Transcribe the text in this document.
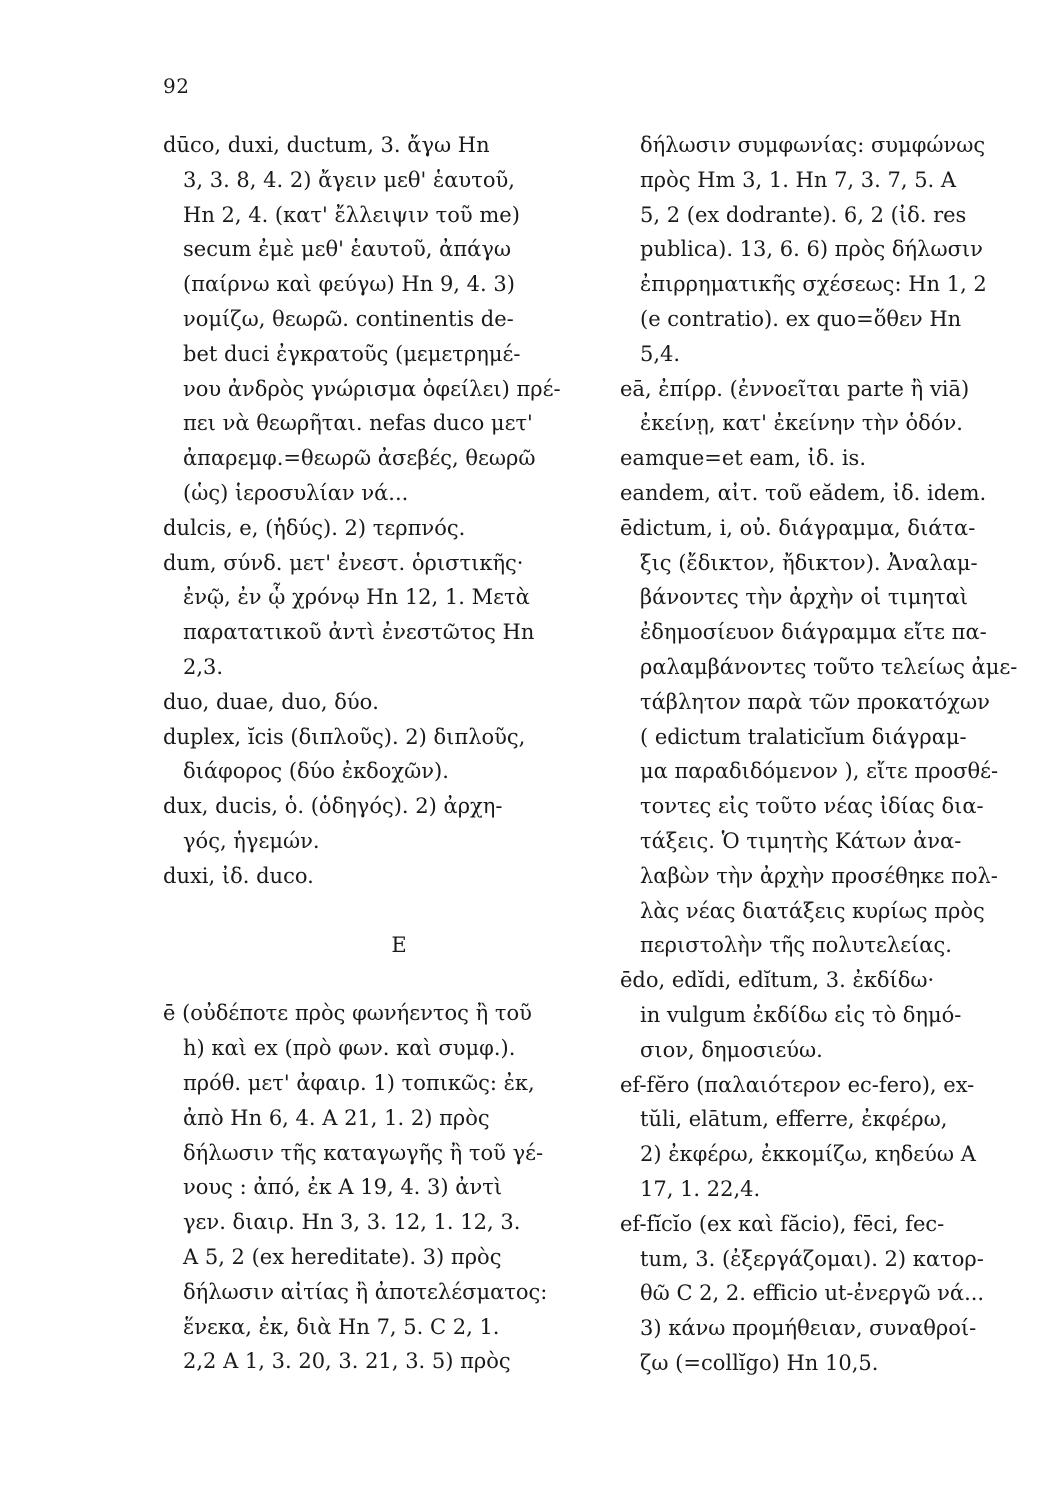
92
dūco, duxi, ductum, 3. ἄγω Hn
3, 3. 8, 4. 2) ἄγειν μεθ' ἑαυτοῦ,
Hn 2, 4. (κατ' ἔλλειψιν τοῦ me)
secum ἐμὲ μεθ' ἑαυτοῦ, ἀπάγω
(παίρνω καὶ φεύγω) Hn 9, 4. 3)
νομίζω, θεωρῶ. continentis de-
bet duci ἐγκρατοῦς (μεμετρημέ-
νου ἀνδρὸς γνώρισμα ὀφείλει) πρέ-
πει νὰ θεωρῆται. nefas duco μετ'
ἀπαρεμφ.=θεωρῶ ἀσεβές, θεωρῶ
(ὡς) ἱεροσυλίαν νά...
dulcis, e, (ἡδύς). 2) τερπνός.
dum, σύνδ. μετ' ἐνεστ. ὁριστικῆς·
ἐνῷ, ἐν ᾧ χρόνῳ Hn 12, 1. Μετὰ
παρατατικοῦ ἀντὶ ἐνεστῶτος Hn
2,3.
duo, duae, duo, δύο.
duplex, ĭcis (διπλοῦς). 2) διπλοῦς,
διάφορος (δύο ἐκδοχῶν).
dux, ducis, ὁ. (ὁδηγός). 2) ἀρχη-
γός, ἡγεμών.
duxi, ἰδ. duco.
E
ē (οὐδέποτε πρὸς φωνήεντος ἢ τοῦ
h) καὶ ex (πρὸ φων. καὶ συμφ.).
πρόθ. μετ' ἀφαιρ. 1) τοπικῶς: ἐκ,
ἀπὸ Hn 6, 4. A 21, 1. 2) πρὸς
δήλωσιν τῆς καταγωγῆς ἢ τοῦ γέ-
νους : ἀπό, ἐκ A 19, 4. 3) ἀντὶ
γεν. διαιρ. Hn 3, 3. 12, 1. 12, 3.
A 5, 2 (ex hereditate). 3) πρὸς
δήλωσιν αἰτίας ἢ ἀποτελέσματος:
ἕνεκα, ἐκ, διὰ Hn 7, 5. C 2, 1.
2,2 A 1, 3. 20, 3. 21, 3. 5) πρὸς
δήλωσιν συμφωνίας: συμφώνως
πρὸς Hm 3, 1. Hn 7, 3. 7, 5. A
5, 2 (ex dodrante). 6, 2 (ἰδ. res
publica). 13, 6. 6) πρὸς δήλωσιν
ἐπιρρηματικῆς σχέσεως: Hn 1, 2
(e contratio). ex quo=ὅθεν Hn
5,4.
eā, ἐπίρρ. (ἐννοεῖται parte ἢ viā)
ἐκείνῃ, κατ' ἐκείνην τὴν ὁδόν.
eamque=et eam, ἰδ. is.
eandem, αἰτ. τοῦ eădem, ἰδ. idem.
ēdictum, i, οὐ. διάγραμμα, διάτα-
ξις (ἔδικτον, ἤδικτον). Ἀναλαμ-
βάνοντες τὴν ἀρχὴν οἱ τιμηταὶ
ἐδημοσίευον διάγραμμα εἴτε πα-
ραλαμβάνοντες τοῦτο τελείως ἀμε-
τάβλητον παρὰ τῶν προκατόχων
( edictum tralaticĭum διάγραμ-
μα παραδιδόμενον ), εἴτε προσθέ-
τοντες εἰς τοῦτο νέας ἰδίας δια-
τάξεις. Ὁ τιμητὴς Κάτων ἀνα-
λαβὼν τὴν ἀρχὴν προσέθηκε πολ-
λὰς νέας διατάξεις κυρίως πρὸς
περιστολὴν τῆς πολυτελείας.
ēdo, edĭdi, edĭtum, 3. ἐκδίδω·
in vulgum ἐκδίδω εἰς τὸ δημό-
σιον, δημοσιεύω.
ef-fĕro (παλαιότερον ec-fero), ex-
tŭli, elātum, efferre, ἐκφέρω,
2) ἐκφέρω, ἐκκομίζω, κηδεύω A
17, 1. 22,4.
ef-fĭcĭo (ex καὶ făcio), fēci, fec-
tum, 3. (ἐξεργάζομαι). 2) κατορ-
θῶ C 2, 2. efficio ut-ἐνεργῶ νά...
3) κάνω προμήθειαν, συναθροί-
ζω (=collĭgo) Hn 10,5.
